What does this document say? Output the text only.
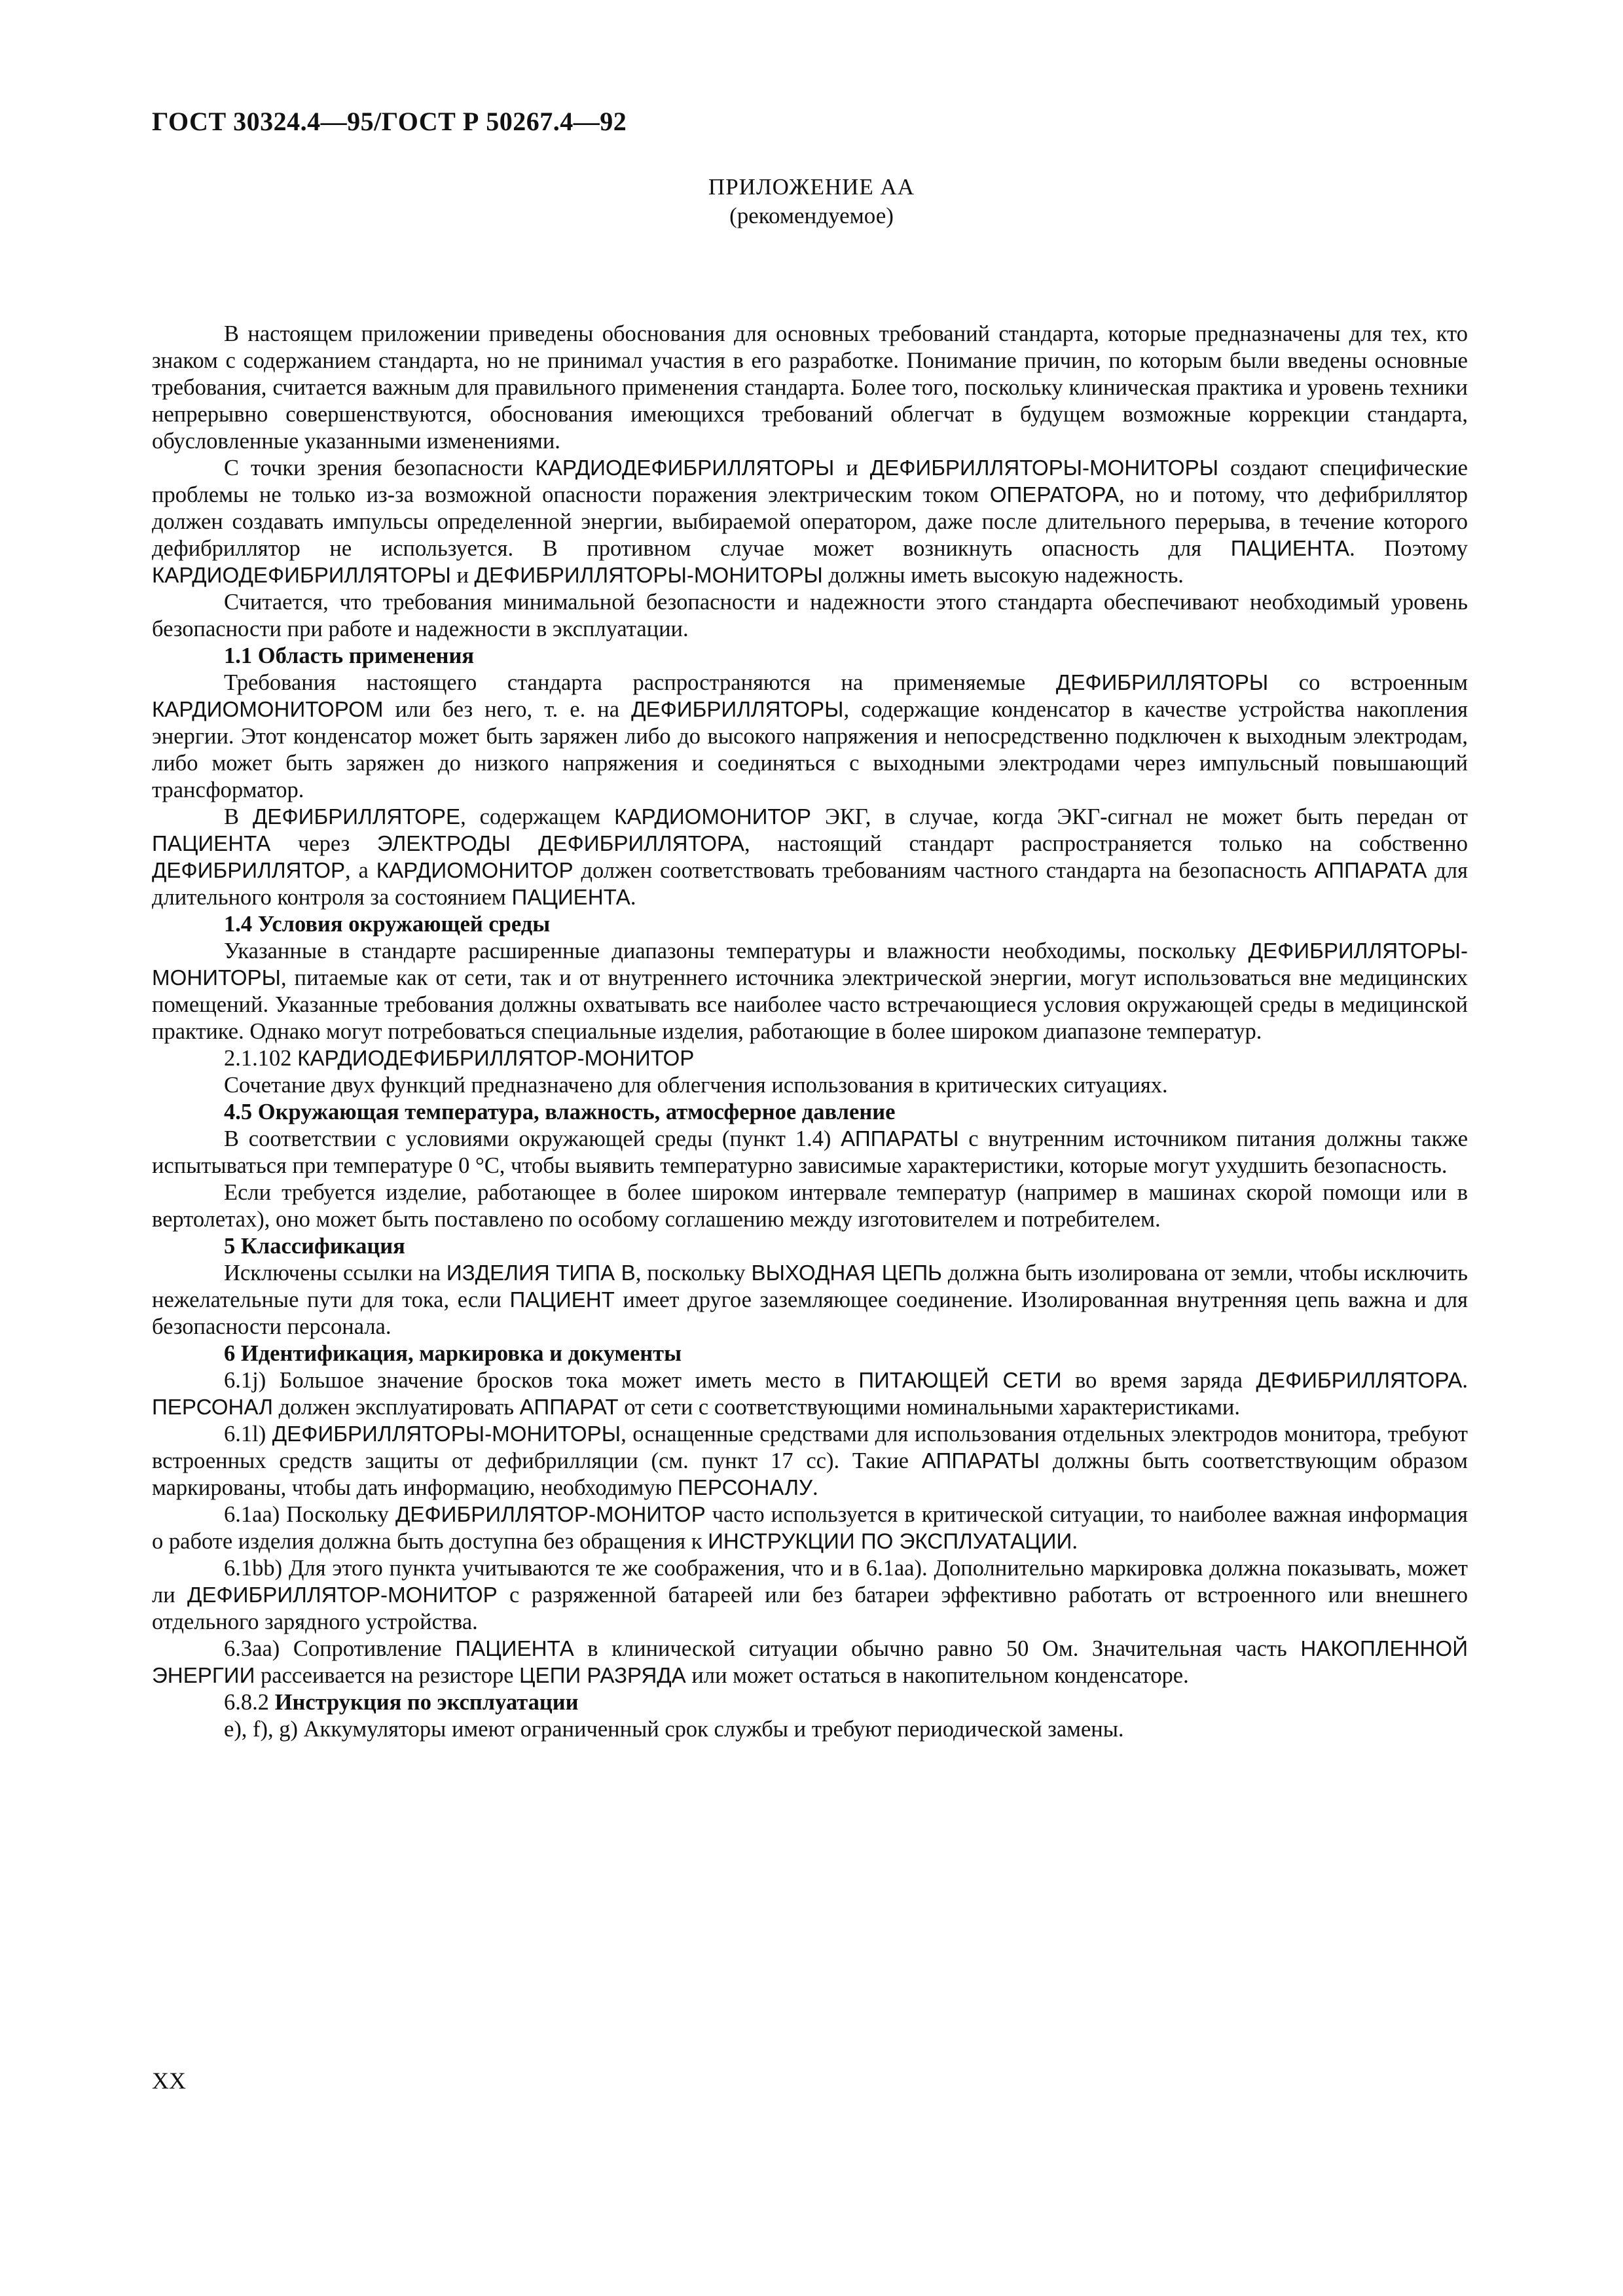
ГОСТ 30324.4—95/ГОСТ Р 50267.4—92
ПРИЛОЖЕНИЕ АА
(рекомендуемое)

В настоящем приложении приведены обоснования для основных требований стандарта, которые предназначены для тех, кто знаком с содержанием стандарта, но не принимал участия в его разработке. Понимание причин, по которым были введены основные требования, считается важным для правильного применения стандарта. Более того, поскольку клиническая практика и уровень техники непрерывно совершенствуются, обоснования имеющихся требований облегчат в будущем возможные коррекции стандарта, обусловленные указанными изменениями.

С точки зрения безопасности КАРДИОДЕФИБРИЛЛЯТОРЫ и ДЕФИБРИЛЛЯТОРЫ-МОНИТОРЫ создают специфические проблемы не только из-за возможной опасности поражения электрическим током ОПЕРАТОРА, но и потому, что дефибриллятор должен создавать импульсы определенной энергии, выбираемой оператором, даже после длительного перерыва, в течение которого дефибриллятор не используется. В противном случае может возникнуть опасность для ПАЦИЕНТА. Поэтому КАРДИОДЕФИБРИЛЛЯТОРЫ и ДЕФИБРИЛЛЯТОРЫ-МОНИТОРЫ должны иметь высокую надежность.

Считается, что требования минимальной безопасности и надежности этого стандарта обеспечивают необходимый уровень безопасности при работе и надежности в эксплуатации.

1.1 Область применения

Требования настоящего стандарта распространяются на применяемые ДЕФИБРИЛЛЯТОРЫ со встроенным КАРДИОМОНИТОРОМ или без него, т. е. на ДЕФИБРИЛЛЯТОРЫ, содержащие конденсатор в качестве устройства накопления энергии. Этот конденсатор может быть заряжен либо до высокого напряжения и непосредственно подключен к выходным электродам, либо может быть заряжен до низкого напряжения и соединяться с выходными электродами через импульсный повышающий трансформатор.

В ДЕФИБРИЛЛЯТОРЕ, содержащем КАРДИОМОНИТОР ЭКГ, в случае, когда ЭКГ-сигнал не может быть передан от ПАЦИЕНТА через ЭЛЕКТРОДЫ ДЕФИБРИЛЛЯТОРА, настоящий стандарт распространяется только на собственно ДЕФИБРИЛЛЯТОР, а КАРДИОМОНИТОР должен соответствовать требованиям частного стандарта на безопасность АППАРАТА для длительного контроля за состоянием ПАЦИЕНТА.

1.4 Условия окружающей среды

Указанные в стандарте расширенные диапазоны температуры и влажности необходимы, поскольку ДЕФИБРИЛЛЯТОРЫ-МОНИТОРЫ, питаемые как от сети, так и от внутреннего источника электрической энергии, могут использоваться вне медицинских помещений. Указанные требования должны охватывать все наиболее часто встречающиеся условия окружающей среды в медицинской практике. Однако могут потребоваться специальные изделия, работающие в более широком диапазоне температур.

2.1.102 КАРДИОДЕФИБРИЛЛЯТОР-МОНИТОР

Сочетание двух функций предназначено для облегчения использования в критических ситуациях.

4.5 Окружающая температура, влажность, атмосферное давление

В соответствии с условиями окружающей среды (пункт 1.4) АППАРАТЫ с внутренним источником питания должны также испытываться при температуре 0 °С, чтобы выявить температурно зависимые характеристики, которые могут ухудшить безопасность.

Если требуется изделие, работающее в более широком интервале температур (например в машинах скорой помощи или в вертолетах), оно может быть поставлено по особому соглашению между изготовителем и потребителем.

5 Классификация

Исключены ссылки на ИЗДЕЛИЯ ТИПА В, поскольку ВЫХОДНАЯ ЦЕПЬ должна быть изолирована от земли, чтобы исключить нежелательные пути для тока, если ПАЦИЕНТ имеет другое заземляющее соединение. Изолированная внутренняя цепь важна и для безопасности персонала.

6 Идентификация, маркировка и документы

6.1j) Большое значение бросков тока может иметь место в ПИТАЮЩЕЙ СЕТИ во время заряда ДЕФИБРИЛЛЯТОРА. ПЕРСОНАЛ должен эксплуатировать АППАРАТ от сети с соответствующими номинальными характеристиками.

6.1l) ДЕФИБРИЛЛЯТОРЫ-МОНИТОРЫ, оснащенные средствами для использования отдельных электродов монитора, требуют встроенных средств защиты от дефибрилляции (см. пункт 17 сс). Такие АППАРАТЫ должны быть соответствующим образом маркированы, чтобы дать информацию, необходимую ПЕРСОНАЛУ.

6.1аа) Поскольку ДЕФИБРИЛЛЯТОР-МОНИТОР часто используется в критической ситуации, то наиболее важная информация о работе изделия должна быть доступна без обращения к ИНСТРУКЦИИ ПО ЭКСПЛУАТАЦИИ.

6.1bb) Для этого пункта учитываются те же соображения, что и в 6.1аа). Дополнительно маркировка должна показывать, может ли ДЕФИБРИЛЛЯТОР-МОНИТОР с разряженной батареей или без батареи эффективно работать от встроенного или внешнего отдельного зарядного устройства.

6.3аа) Сопротивление ПАЦИЕНТА в клинической ситуации обычно равно 50 Ом. Значительная часть НАКОПЛЕННОЙ ЭНЕРГИИ рассеивается на резисторе ЦЕПИ РАЗРЯДА или может остаться в накопительном конденсаторе.

6.8.2 Инструкция по эксплуатации

е), f), g) Аккумуляторы имеют ограниченный срок службы и требуют периодической замены.

XX
